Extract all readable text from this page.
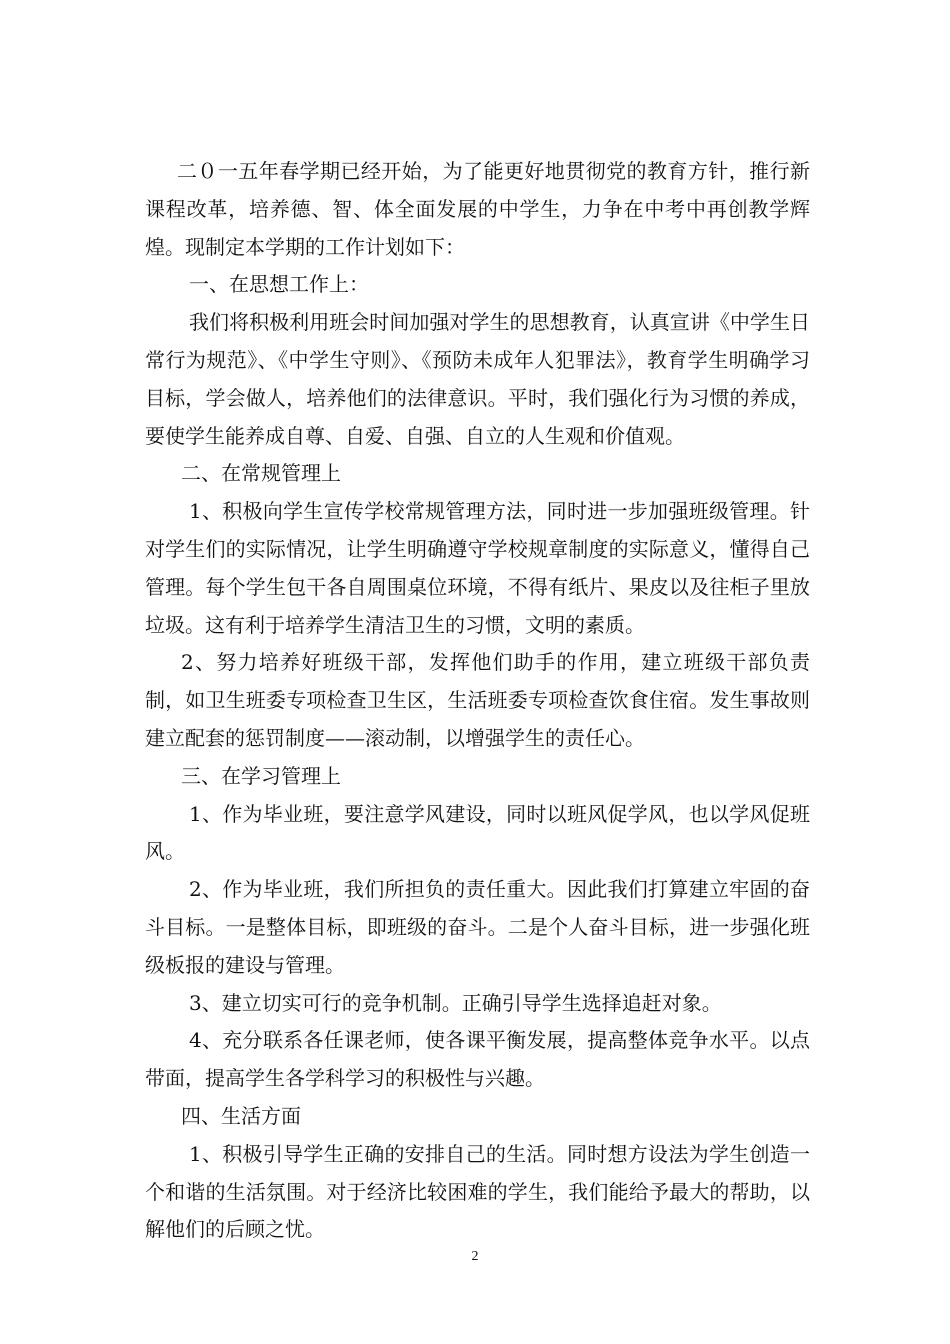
二０一五年春学期已经开始，为了能更好地贯彻党的教育方针，推行新课程改革，培养德、智、体全面发展的中学生，力争在中考中再创教学辉煌。现制定本学期的工作计划如下：

一、在思想工作上：

我们将积极利用班会时间加强对学生的思想教育，认真宣讲《中学生日常行为规范》、《中学生守则》、《预防未成年人犯罪法》，教育学生明确学习目标，学会做人，培养他们的法律意识。平时，我们强化行为习惯的养成，要使学生能养成自尊、自爱、自强、自立的人生观和价值观。

二、在常规管理上

1、积极向学生宣传学校常规管理方法，同时进一步加强班级管理。针对学生们的实际情况，让学生明确遵守学校规章制度的实际意义，懂得自己管理。每个学生包干各自周围桌位环境，不得有纸片、果皮以及往柜子里放垃圾。这有利于培养学生清洁卫生的习惯，文明的素质。

2、努力培养好班级干部，发挥他们助手的作用，建立班级干部负责制，如卫生班委专项检查卫生区，生活班委专项检查饮食住宿。发生事故则建立配套的惩罚制度——滚动制，以增强学生的责任心。

三、在学习管理上

1、作为毕业班，要注意学风建设，同时以班风促学风，也以学风促班风。

2、作为毕业班，我们所担负的责任重大。因此我们打算建立牢固的奋斗目标。一是整体目标，即班级的奋斗。二是个人奋斗目标，进一步强化班级板报的建设与管理。

3、建立切实可行的竞争机制。正确引导学生选择追赶对象。

4、充分联系各任课老师，使各课平衡发展，提高整体竞争水平。以点带面，提高学生各学科学习的积极性与兴趣。

四、生活方面

1、积极引导学生正确的安排自己的生活。同时想方设法为学生创造一个和谐的生活氛围。对于经济比较困难的学生，我们能给予最大的帮助，以解他们的后顾之忧。

2
